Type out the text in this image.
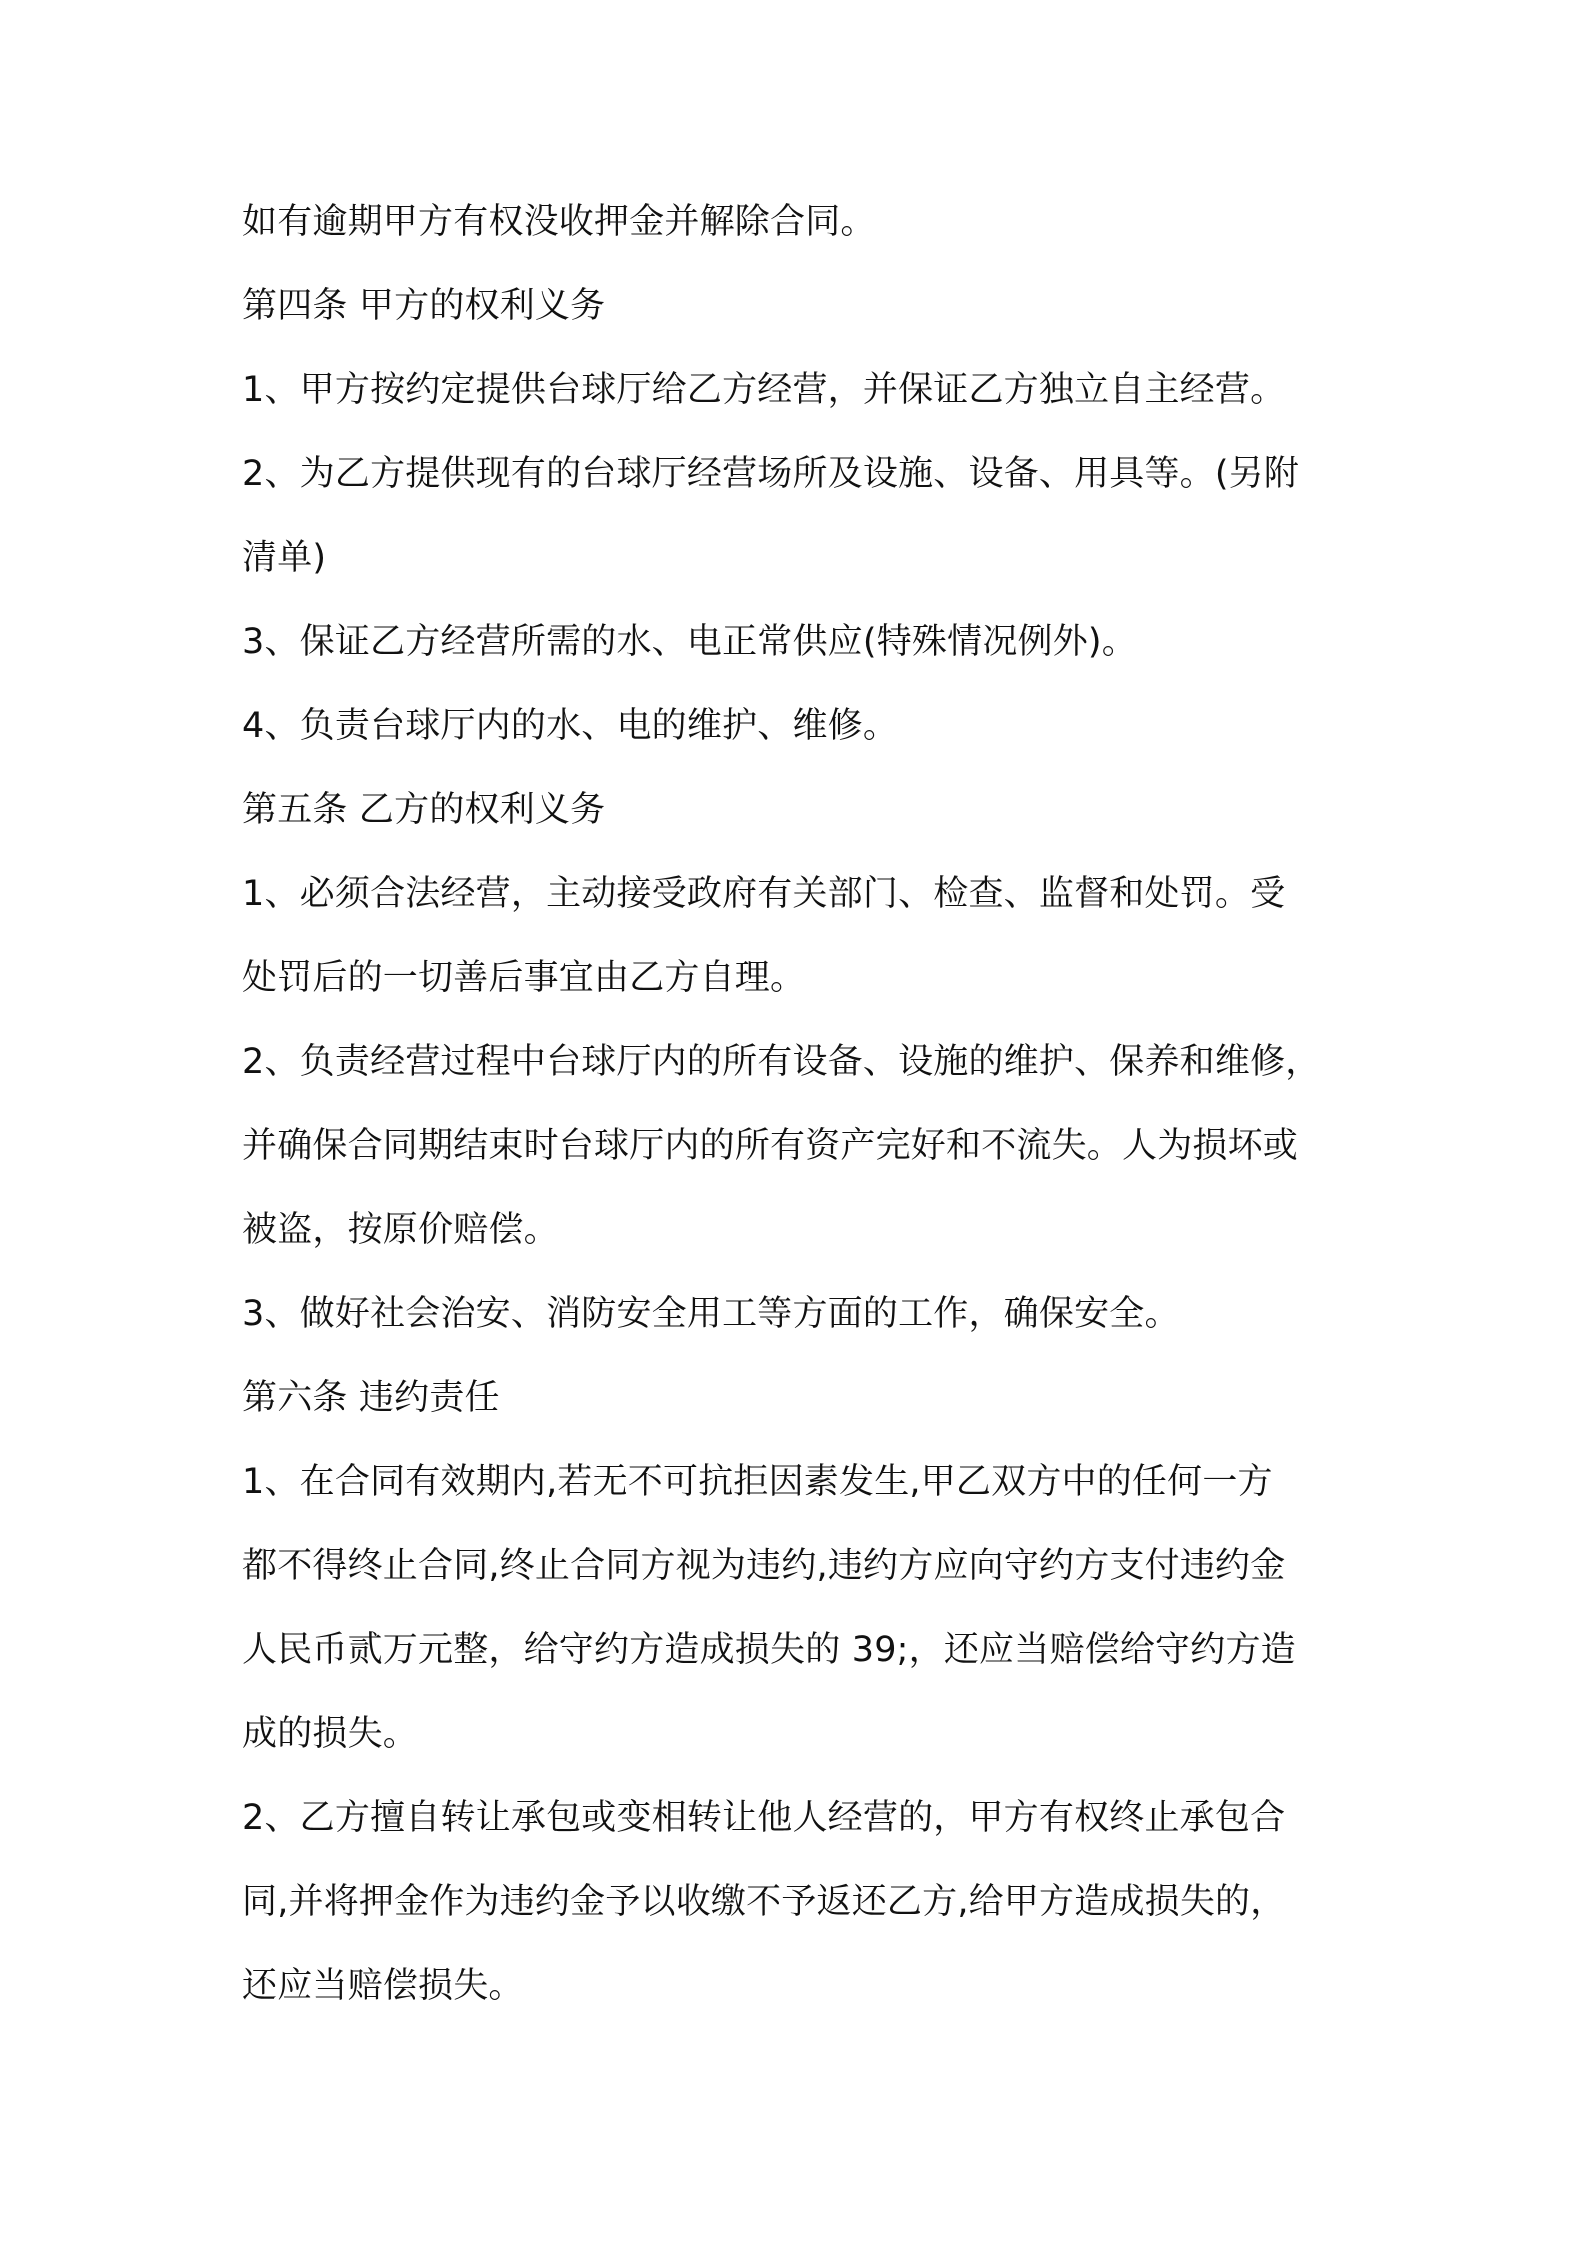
如有逾期甲方有权没收押金并解除合同。
第四条 甲方的权利义务
1、甲方按约定提供台球厅给乙方经营，并保证乙方独立自主经营。
2、为乙方提供现有的台球厅经营场所及设施、设备、用具等。(另附
清单)
3、保证乙方经营所需的水、电正常供应(特殊情况例外)。
4、负责台球厅内的水、电的维护、维修。
第五条 乙方的权利义务
1、必须合法经营，主动接受政府有关部门、检查、监督和处罚。受
处罚后的一切善后事宜由乙方自理。
2、负责经营过程中台球厅内的所有设备、设施的维护、保养和维修，
并确保合同期结束时台球厅内的所有资产完好和不流失。人为损坏或
被盗，按原价赔偿。
3、做好社会治安、消防安全用工等方面的工作，确保安全。
第六条 违约责任
1、在合同有效期内,若无不可抗拒因素发生,甲乙双方中的任何一方
都不得终止合同,终止合同方视为违约,违约方应向守约方支付违约金
人民币贰万元整，给守约方造成损失的 39;，还应当赔偿给守约方造
成的损失。
2、乙方擅自转让承包或变相转让他人经营的，甲方有权终止承包合
同,并将押金作为违约金予以收缴不予返还乙方,给甲方造成损失的，
还应当赔偿损失。
